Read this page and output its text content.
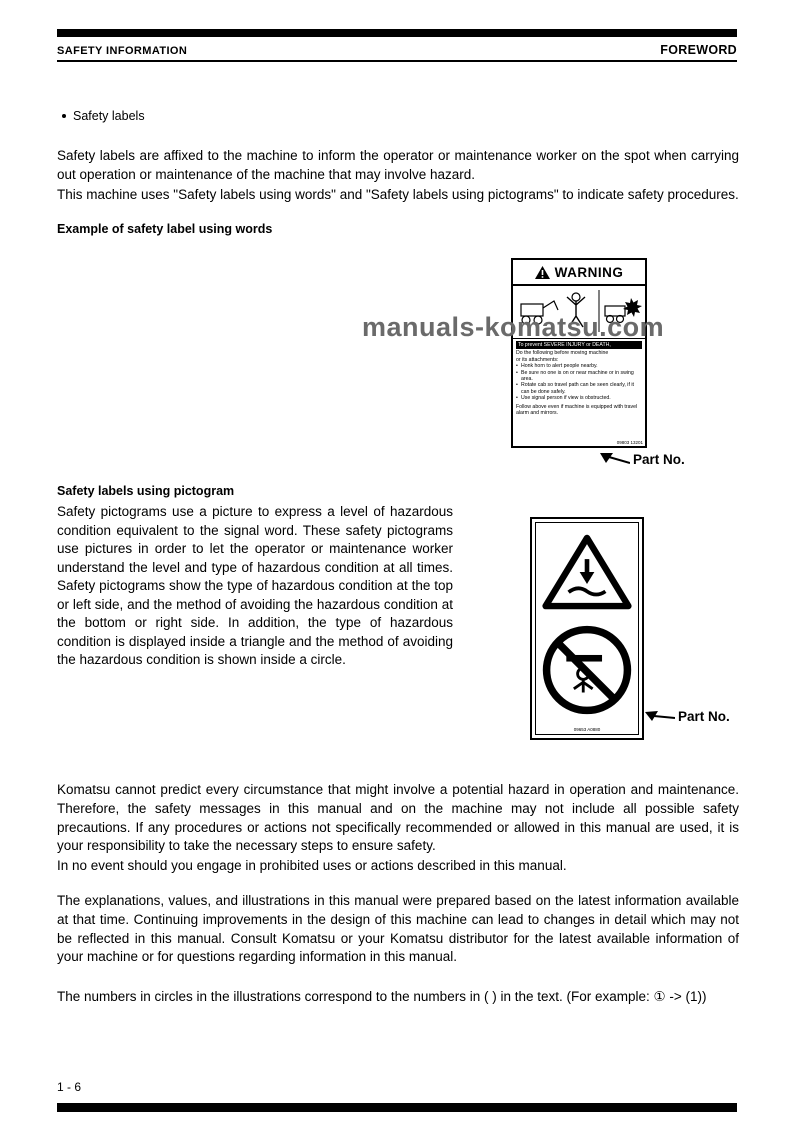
SAFETY INFORMATION	FOREWORD
Safety labels
Safety labels are affixed to the machine to inform the operator or maintenance worker on the spot when carrying out operation or maintenance of the machine that may involve hazard.
This machine uses "Safety labels using words" and "Safety labels using pictograms" to indicate safety procedures.
Example of safety label using words
WARNING
To prevent SEVERE INJURY or DEATH,
Do the following before moving machine
or its attachments:
• Honk horn to alert people nearby.
• Be sure no one is on or near machine or in swing area.
• Rotate cab so travel path can be seen clearly, if it can be done safely.
• Use signal person if view is obstructed.
Follow above even if machine is equipped with travel alarm and mirrors.
09803 13201
Part No.
manuals-komatsu.com
Safety labels using pictogram
Safety pictograms use a picture to express a level of hazardous condition equivalent to the signal word. These safety pictograms use pictures in order to let the operator or maintenance worker understand the level and type of hazardous condition at all times. Safety pictograms show the type of hazardous condition at the top or left side, and the method of avoiding the hazardous condition at the bottom or right side. In addition, the type of hazardous condition is displayed inside a triangle and the method of avoiding the hazardous condition is shown inside a circle.
09653 A0880
Part No.
Komatsu cannot predict every circumstance that might involve a potential hazard in operation and maintenance. Therefore, the safety messages in this manual and on the machine may not include all possible safety precautions. If any procedures or actions not specifically recommended or allowed in this manual are used, it is your responsibility to take the necessary steps to ensure safety.
In no event should you engage in prohibited uses or actions described in this manual.
The explanations, values, and illustrations in this manual were prepared based on the latest information available at that time. Continuing improvements in the design of this machine can lead to changes in detail which may not be reflected in this manual. Consult Komatsu or your Komatsu distributor for the latest available information of your machine or for questions regarding information in this manual.
The numbers in circles in the illustrations correspond to the numbers in ( ) in the text. (For example: ① -> (1))
1 - 6
